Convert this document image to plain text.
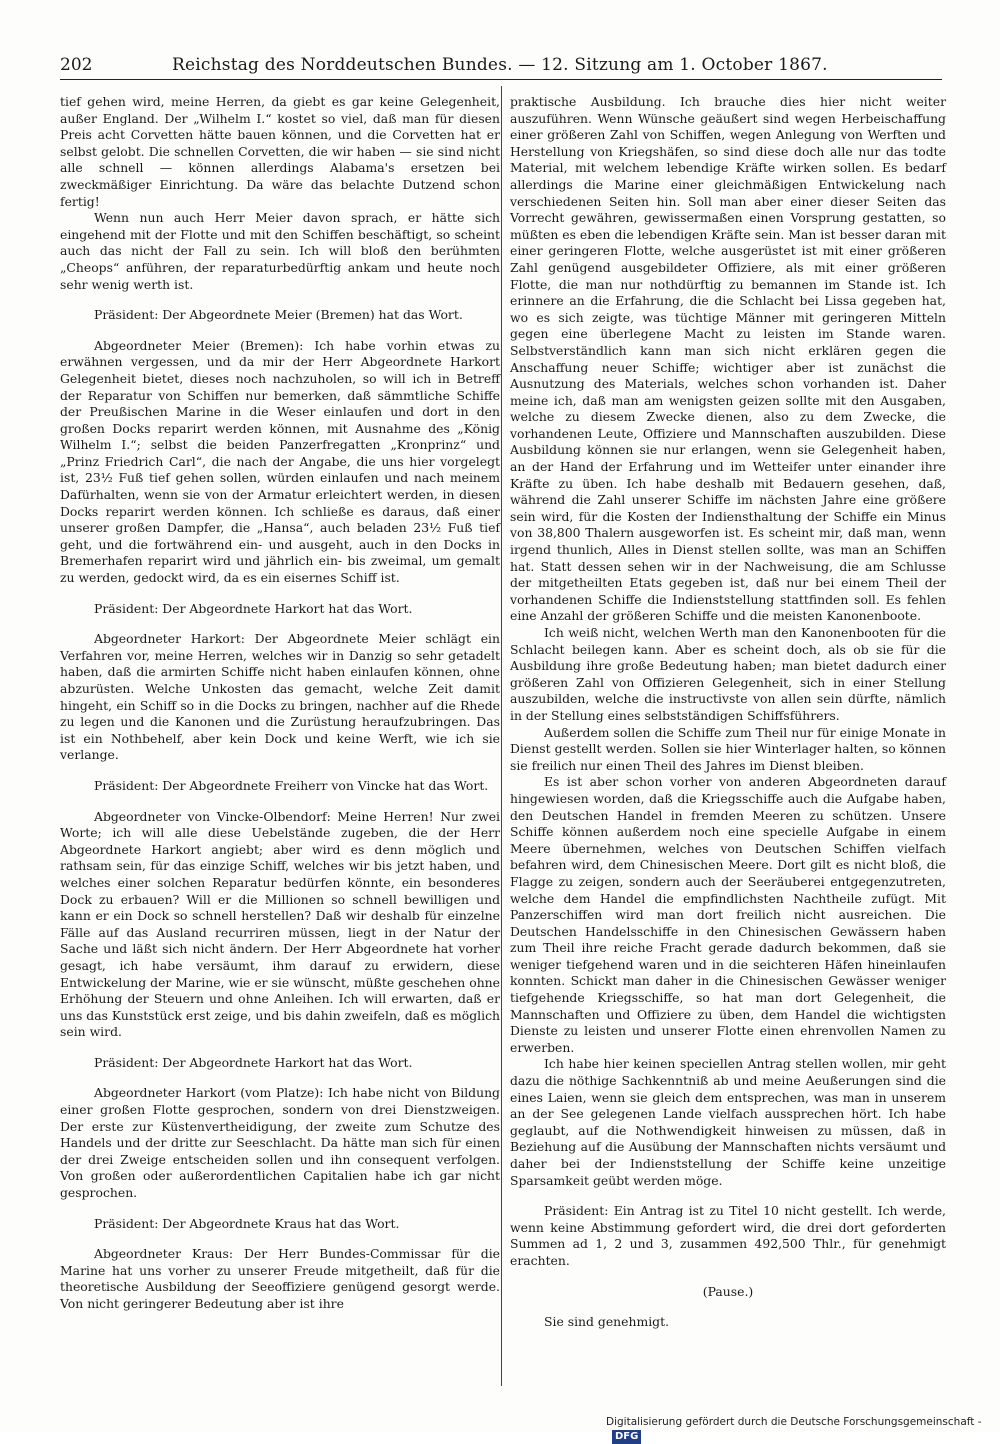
202	Reichstag des Norddeutschen Bundes. — 12. Sitzung am 1. October 1867.

tief gehen wird, meine Herren, da giebt es gar keine Gelegenheit, außer England. Der „Wilhelm I.“ kostet so viel, daß man für diesen Preis acht Corvetten hätte bauen können, und die Corvetten hat er selbst gelobt. Die schnellen Corvetten, die wir haben — sie sind nicht alle schnell — können allerdings Alabama's ersetzen bei zweckmäßiger Einrichtung. Da wäre das belachte Dutzend schon fertig!

Wenn nun auch Herr Meier davon sprach, er hätte sich eingehend mit der Flotte und mit den Schiffen beschäftigt, so scheint auch das nicht der Fall zu sein. Ich will bloß den berühmten „Cheops“ anführen, der reparaturbedürftig ankam und heute noch sehr wenig werth ist.

Präsident: Der Abgeordnete Meier (Bremen) hat das Wort.

Abgeordneter Meier (Bremen): Ich habe vorhin etwas zu erwähnen vergessen, und da mir der Herr Abgeordnete Harkort Gelegenheit bietet, dieses noch nachzuholen, so will ich in Betreff der Reparatur von Schiffen nur bemerken, daß sämmtliche Schiffe der Preußischen Marine in die Weser einlaufen und dort in den großen Docks reparirt werden können, mit Ausnahme des „König Wilhelm I.“; selbst die beiden Panzerfregatten „Kronprinz“ und „Prinz Friedrich Carl“, die nach der Angabe, die uns hier vorgelegt ist, 23½ Fuß tief gehen sollen, würden einlaufen und nach meinem Dafürhalten, wenn sie von der Armatur erleichtert werden, in diesen Docks reparirt werden können. Ich schließe es daraus, daß einer unserer großen Dampfer, die „Hansa“, auch beladen 23½ Fuß tief geht, und die fortwährend ein- und ausgeht, auch in den Docks in Bremerhafen reparirt wird und jährlich ein- bis zweimal, um gemalt zu werden, gedockt wird, da es ein eisernes Schiff ist.

Präsident: Der Abgeordnete Harkort hat das Wort.

Abgeordneter Harkort: Der Abgeordnete Meier schlägt ein Verfahren vor, meine Herren, welches wir in Danzig so sehr getadelt haben, daß die armirten Schiffe nicht haben einlaufen können, ohne abzurüsten. Welche Unkosten das gemacht, welche Zeit damit hingeht, ein Schiff so in die Docks zu bringen, nachher auf die Rhede zu legen und die Kanonen und die Zurüstung heraufzubringen. Das ist ein Nothbehelf, aber kein Dock und keine Werft, wie ich sie verlange.

Präsident: Der Abgeordnete Freiherr von Vincke hat das Wort.

Abgeordneter von Vincke-Olbendorf: Meine Herren! Nur zwei Worte; ich will alle diese Uebelstände zugeben, die der Herr Abgeordnete Harkort angiebt; aber wird es denn möglich und rathsam sein, für das einzige Schiff, welches wir bis jetzt haben, und welches einer solchen Reparatur bedürfen könnte, ein besonderes Dock zu erbauen? Will er die Millionen so schnell bewilligen und kann er ein Dock so schnell herstellen? Daß wir deshalb für einzelne Fälle auf das Ausland recurriren müssen, liegt in der Natur der Sache und läßt sich nicht ändern. Der Herr Abgeordnete hat vorher gesagt, ich habe versäumt, ihm darauf zu erwidern, diese Entwickelung der Marine, wie er sie wünscht, müßte geschehen ohne Erhöhung der Steuern und ohne Anleihen. Ich will erwarten, daß er uns das Kunststück erst zeige, und bis dahin zweifeln, daß es möglich sein wird.

Präsident: Der Abgeordnete Harkort hat das Wort.

Abgeordneter Harkort (vom Platze): Ich habe nicht von Bildung einer großen Flotte gesprochen, sondern von drei Dienstzweigen. Der erste zur Küstenvertheidigung, der zweite zum Schutze des Handels und der dritte zur Seeschlacht. Da hätte man sich für einen der drei Zweige entscheiden sollen und ihn consequent verfolgen. Von großen oder außerordentlichen Capitalien habe ich gar nicht gesprochen.

Präsident: Der Abgeordnete Kraus hat das Wort.

Abgeordneter Kraus: Der Herr Bundes-Commissar für die Marine hat uns vorher zu unserer Freude mitgetheilt, daß für die theoretische Ausbildung der Seeoffiziere genügend gesorgt werde. Von nicht geringerer Bedeutung aber ist ihre

praktische Ausbildung. Ich brauche dies hier nicht weiter auszuführen. Wenn Wünsche geäußert sind wegen Herbeischaffung einer größeren Zahl von Schiffen, wegen Anlegung von Werften und Herstellung von Kriegshäfen, so sind diese doch alle nur das todte Material, mit welchem lebendige Kräfte wirken sollen. Es bedarf allerdings die Marine einer gleichmäßigen Entwickelung nach verschiedenen Seiten hin. Soll man aber einer dieser Seiten das Vorrecht gewähren, gewissermaßen einen Vorsprung gestatten, so müßten es eben die lebendigen Kräfte sein. Man ist besser daran mit einer geringeren Flotte, welche ausgerüstet ist mit einer größeren Zahl genügend ausgebildeter Offiziere, als mit einer größeren Flotte, die man nur nothdürftig zu bemannen im Stande ist. Ich erinnere an die Erfahrung, die die Schlacht bei Lissa gegeben hat, wo es sich zeigte, was tüchtige Männer mit geringeren Mitteln gegen eine überlegene Macht zu leisten im Stande waren. Selbstverständlich kann man sich nicht erklären gegen die Anschaffung neuer Schiffe; wichtiger aber ist zunächst die Ausnutzung des Materials, welches schon vorhanden ist. Daher meine ich, daß man am wenigsten geizen sollte mit den Ausgaben, welche zu diesem Zwecke dienen, also zu dem Zwecke, die vorhandenen Leute, Offiziere und Mannschaften auszubilden. Diese Ausbildung können sie nur erlangen, wenn sie Gelegenheit haben, an der Hand der Erfahrung und im Wetteifer unter einander ihre Kräfte zu üben. Ich habe deshalb mit Bedauern gesehen, daß, während die Zahl unserer Schiffe im nächsten Jahre eine größere sein wird, für die Kosten der Indiensthaltung der Schiffe ein Minus von 38,800 Thalern ausgeworfen ist. Es scheint mir, daß man, wenn irgend thunlich, Alles in Dienst stellen sollte, was man an Schiffen hat. Statt dessen sehen wir in der Nachweisung, die am Schlusse der mitgetheilten Etats gegeben ist, daß nur bei einem Theil der vorhandenen Schiffe die Indienststellung stattfinden soll. Es fehlen eine Anzahl der größeren Schiffe und die meisten Kanonenboote.

Ich weiß nicht, welchen Werth man den Kanonenbooten für die Schlacht beilegen kann. Aber es scheint doch, als ob sie für die Ausbildung ihre große Bedeutung haben; man bietet dadurch einer größeren Zahl von Offizieren Gelegenheit, sich in einer Stellung auszubilden, welche die instructivste von allen sein dürfte, nämlich in der Stellung eines selbstständigen Schiffsführers.

Außerdem sollen die Schiffe zum Theil nur für einige Monate in Dienst gestellt werden. Sollen sie hier Winterlager halten, so können sie freilich nur einen Theil des Jahres im Dienst bleiben.

Es ist aber schon vorher von anderen Abgeordneten darauf hingewiesen worden, daß die Kriegsschiffe auch die Aufgabe haben, den Deutschen Handel in fremden Meeren zu schützen. Unsere Schiffe können außerdem noch eine specielle Aufgabe in einem Meere übernehmen, welches von Deutschen Schiffen vielfach befahren wird, dem Chinesischen Meere. Dort gilt es nicht bloß, die Flagge zu zeigen, sondern auch der Seeräuberei entgegenzutreten, welche dem Handel die empfindlichsten Nachtheile zufügt. Mit Panzerschiffen wird man dort freilich nicht ausreichen. Die Deutschen Handelsschiffe in den Chinesischen Gewässern haben zum Theil ihre reiche Fracht gerade dadurch bekommen, daß sie weniger tiefgehend waren und in die seichteren Häfen hineinlaufen konnten. Schickt man daher in die Chinesischen Gewässer weniger tiefgehende Kriegsschiffe, so hat man dort Gelegenheit, die Mannschaften und Offiziere zu üben, dem Handel die wichtigsten Dienste zu leisten und unserer Flotte einen ehrenvollen Namen zu erwerben.

Ich habe hier keinen speciellen Antrag stellen wollen, mir geht dazu die nöthige Sachkenntniß ab und meine Aeußerungen sind die eines Laien, wenn sie gleich dem entsprechen, was man in unserem an der See gelegenen Lande vielfach aussprechen hört. Ich habe geglaubt, auf die Nothwendigkeit hinweisen zu müssen, daß in Beziehung auf die Ausübung der Mannschaften nichts versäumt und daher bei der Indienststellung der Schiffe keine unzeitige Sparsamkeit geübt werden möge.

Präsident: Ein Antrag ist zu Titel 10 nicht gestellt. Ich werde, wenn keine Abstimmung gefordert wird, die drei dort geforderten Summen ad 1, 2 und 3, zusammen 492,500 Thlr., für genehmigt erachten.

(Pause.)

Sie sind genehmigt.

Digitalisierung gefördert durch die Deutsche Forschungsgemeinschaft -DFG
